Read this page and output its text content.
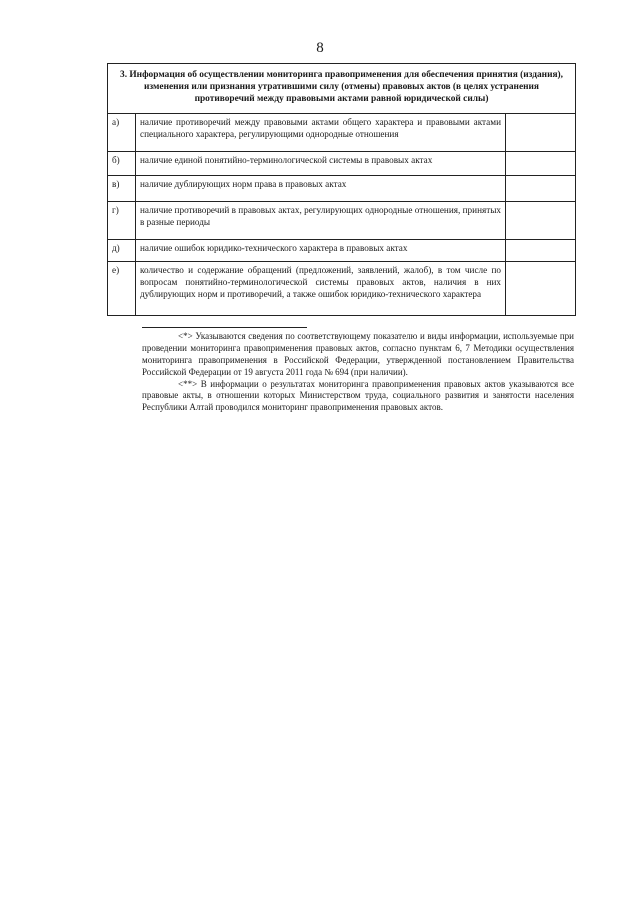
8
3. Информация об осуществлении мониторинга правоприменения для обеспечения принятия (издания), изменения или признания утратившими силу (отмены) правовых актов (в целях устранения противоречий между правовыми актами равной юридической силы)		
а)	наличие противоречий между правовыми актами общего характера и правовыми актами специального характера, регулирующими однородные отношения	
б)	наличие единой понятийно-терминологической системы в правовых актах	
в)	наличие дублирующих норм права в правовых актах	
г)	наличие противоречий в правовых актах, регулирующих однородные отношения, принятых в разные периоды	
д)	наличие ошибок юридико-технического характера в правовых актах	
е)	количество и содержание обращений (предложений, заявлений, жалоб), в том числе по вопросам понятийно-терминологической системы правовых актов, наличия в них дублирующих норм и противоречий, а также ошибок юридико-технического характера	

<*> Указываются сведения по соответствующему показателю и виды информации, используемые при проведении мониторинга правоприменения правовых актов, согласно пунктам 6, 7 Методики осуществления мониторинга правоприменения в Российской Федерации, утвержденной постановлением Правительства Российской Федерации от 19 августа 2011 года № 694 (при наличии).

<**> В информации о результатах мониторинга правоприменения правовых актов указываются все правовые акты, в отношении которых Министерством труда, социального развития и занятости населения Республики Алтай проводился мониторинг правоприменения правовых актов.
